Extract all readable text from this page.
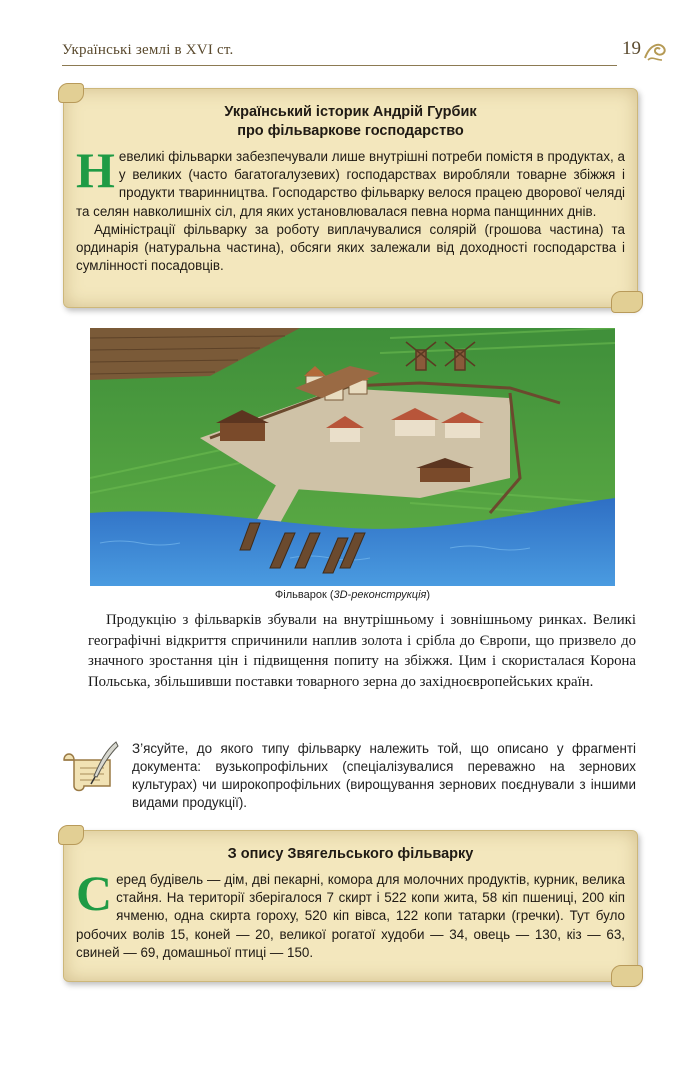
Українські землі в XVI ст.	19
Український історик Андрій Гурбик
про фільваркове господарство

Невеликі фільварки забезпечували лише внутрішні потреби помістя в продуктах, а у великих (часто багатогалузевих) господарствах виробляли товарне збіжжя і продукти тваринництва. Господарство фільварку велося працею дворової челяді та селян навколишніх сіл, для яких установлювалася певна норма панщинних днів.

Адміністрації фільварку за роботу виплачувалися солярій (грошова частина) та ординарія (натуральна частина), обсяги яких залежали від доходності господарства і сумлінності посадовців.

Фільварок (3D-реконструкція)
Продукцію з фільварків збували на внутрішньому і зовнішньому ринках. Великі географічні відкриття спричинили наплив золота і срібла до Європи, що призвело до значного зростання цін і підвищення попиту на збіжжя. Цим і скористалася Корона Польська, збільшивши поставки товарного зерна до західноєвропейських країн.
З’ясуйте, до якого типу фільварку належить той, що описано у фрагменті документа: вузькопрофільних (спеціалізувалися переважно на зернових культурах) чи широкопрофільних (вирощування зернових поєднували з іншими видами продукції).
З опису Звягельського фільварку

Серед будівель — дім, дві пекарні, комора для молочних продуктів, курник, велика стайня. На території зберігалося 7 скирт і 522 копи жита, 58 кіп пшениці, 200 кіп ячменю, одна скирта гороху, 520 кіп вівса, 122 копи татарки (гречки). Тут було робочих волів 15, коней — 20, великої рогатої худоби — 34, овець — 130, кіз — 63, свиней — 69, домашньої птиці — 150.
